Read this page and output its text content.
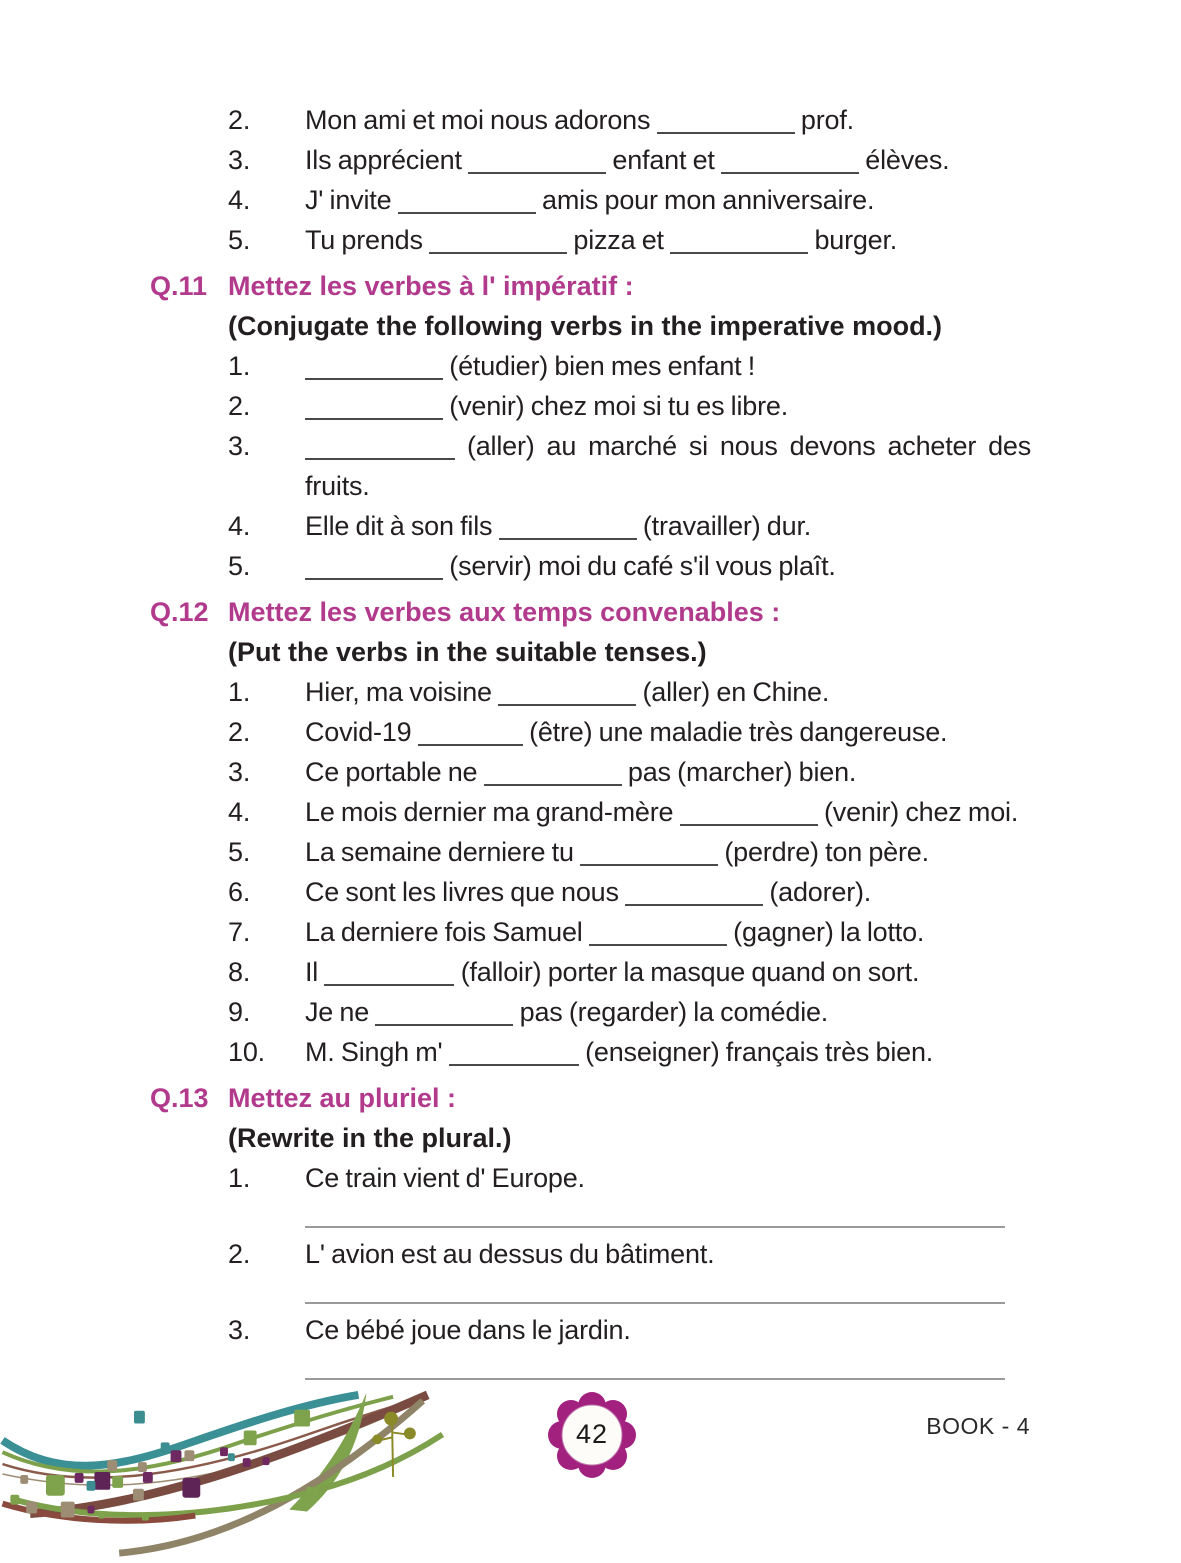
2.	Mon ami et moi nous adorons	prof.
3.	Ils apprécient	enfant et	élèves.
4.	J' invite	amis pour mon anniversaire.
5.	Tu prends	pizza et	burger.
Q.11 Mettez les verbes à l' impératif :
(Conjugate the following verbs in the imperative mood.)
1.	(étudier) bien mes enfant !
2.	(venir) chez moi si tu es libre.
3.	(aller) au marché si nous devons acheter des fruits.
4.	Elle dit à son fils	(travailler) dur.
5.	(servir) moi du café s'il vous plaît.
Q.12 Mettez les verbes aux temps convenables :
(Put the verbs in the suitable tenses.)
1.	Hier, ma voisine	(aller) en Chine.
2.	Covid-19	(être) une maladie très dangereuse.
3.	Ce portable ne	pas (marcher) bien.
4.	Le mois dernier ma grand-mère	(venir) chez moi.
5.	La semaine derniere tu	(perdre) ton père.
6.	Ce sont les livres que nous	(adorer).
7.	La derniere fois Samuel	(gagner) la lotto.
8.	Il	(falloir) porter la masque quand on sort.
9.	Je ne	pas (regarder) la comédie.
10.	M. Singh m'	(enseigner) français très bien.
Q.13 Mettez au pluriel :
(Rewrite in the plural.)
1.	Ce train vient d' Europe.
2.	L' avion est au dessus du bâtiment.
3.	Ce bébé joue dans le jardin.
42	BOOK - 4
